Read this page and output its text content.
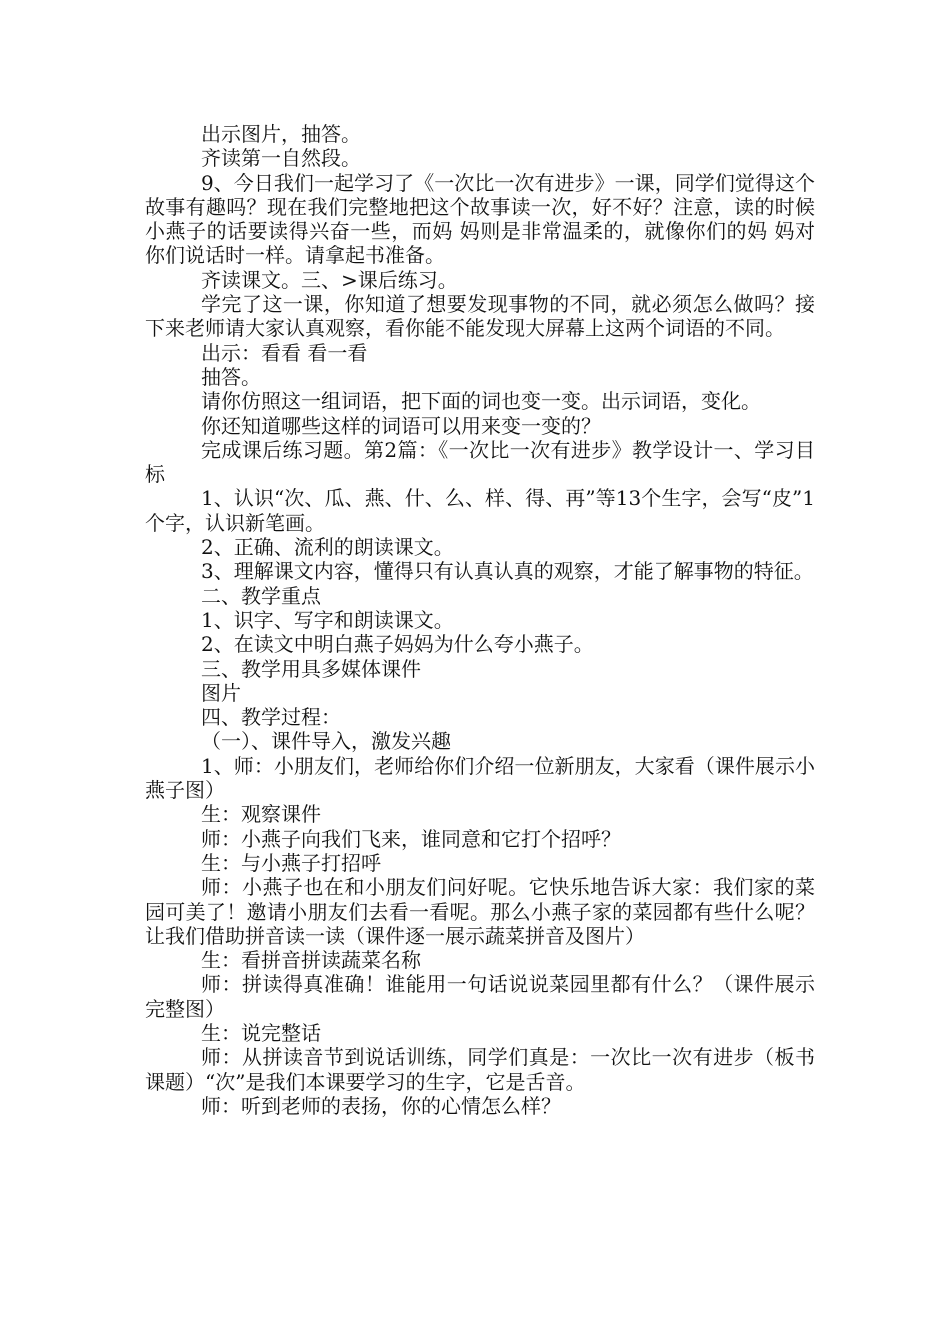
出示图片，抽答。

齐读第一自然段。

9、今日我们一起学习了《一次比一次有进步》一课，同学们觉得这个故事有趣吗？现在我们完整地把这个故事读一次，好不好？注意，读的时候小燕子的话要读得兴奋一些，而妈 妈则是非常温柔的，就像你们的妈 妈对你们说话时一样。请拿起书准备。

齐读课文。三、>课后练习。

学完了这一课，你知道了想要发现事物的不同，就必须怎么做吗？接下来老师请大家认真观察，看你能不能发现大屏幕上这两个词语的不同。

出示：看看 看一看

抽答。

请你仿照这一组词语，把下面的词也变一变。出示词语，变化。

你还知道哪些这样的词语可以用来变一变的？

完成课后练习题。第2篇：《一次比一次有进步》教学设计一、学习目标

1、认识“次、瓜、燕、什、么、样、得、再”等13个生字，会写“皮”1个字，认识新笔画。

2、正确、流利的朗读课文。

3、理解课文内容，懂得只有认真认真的观察，才能了解事物的特征。

二、教学重点

1、识字、写字和朗读课文。

2、在读文中明白燕子妈妈为什么夸小燕子。

三、教学用具多媒体课件

图片

四、教学过程：

（一）、课件导入，激发兴趣

1、师：小朋友们，老师给你们介绍一位新朋友，大家看（课件展示小燕子图）

生：观察课件

师：小燕子向我们飞来，谁同意和它打个招呼？

生：与小燕子打招呼

师：小燕子也在和小朋友们问好呢。它快乐地告诉大家：我们家的菜园可美了！邀请小朋友们去看一看呢。那么小燕子家的菜园都有些什么呢？让我们借助拼音读一读（课件逐一展示蔬菜拼音及图片）

生：看拼音拼读蔬菜名称

师：拼读得真准确！谁能用一句话说说菜园里都有什么？（课件展示完整图）

生：说完整话

师：从拼读音节到说话训练，同学们真是：一次比一次有进步（板书课题）“次”是我们本课要学习的生字，它是舌音。

师：听到老师的表扬，你的心情怎么样？
